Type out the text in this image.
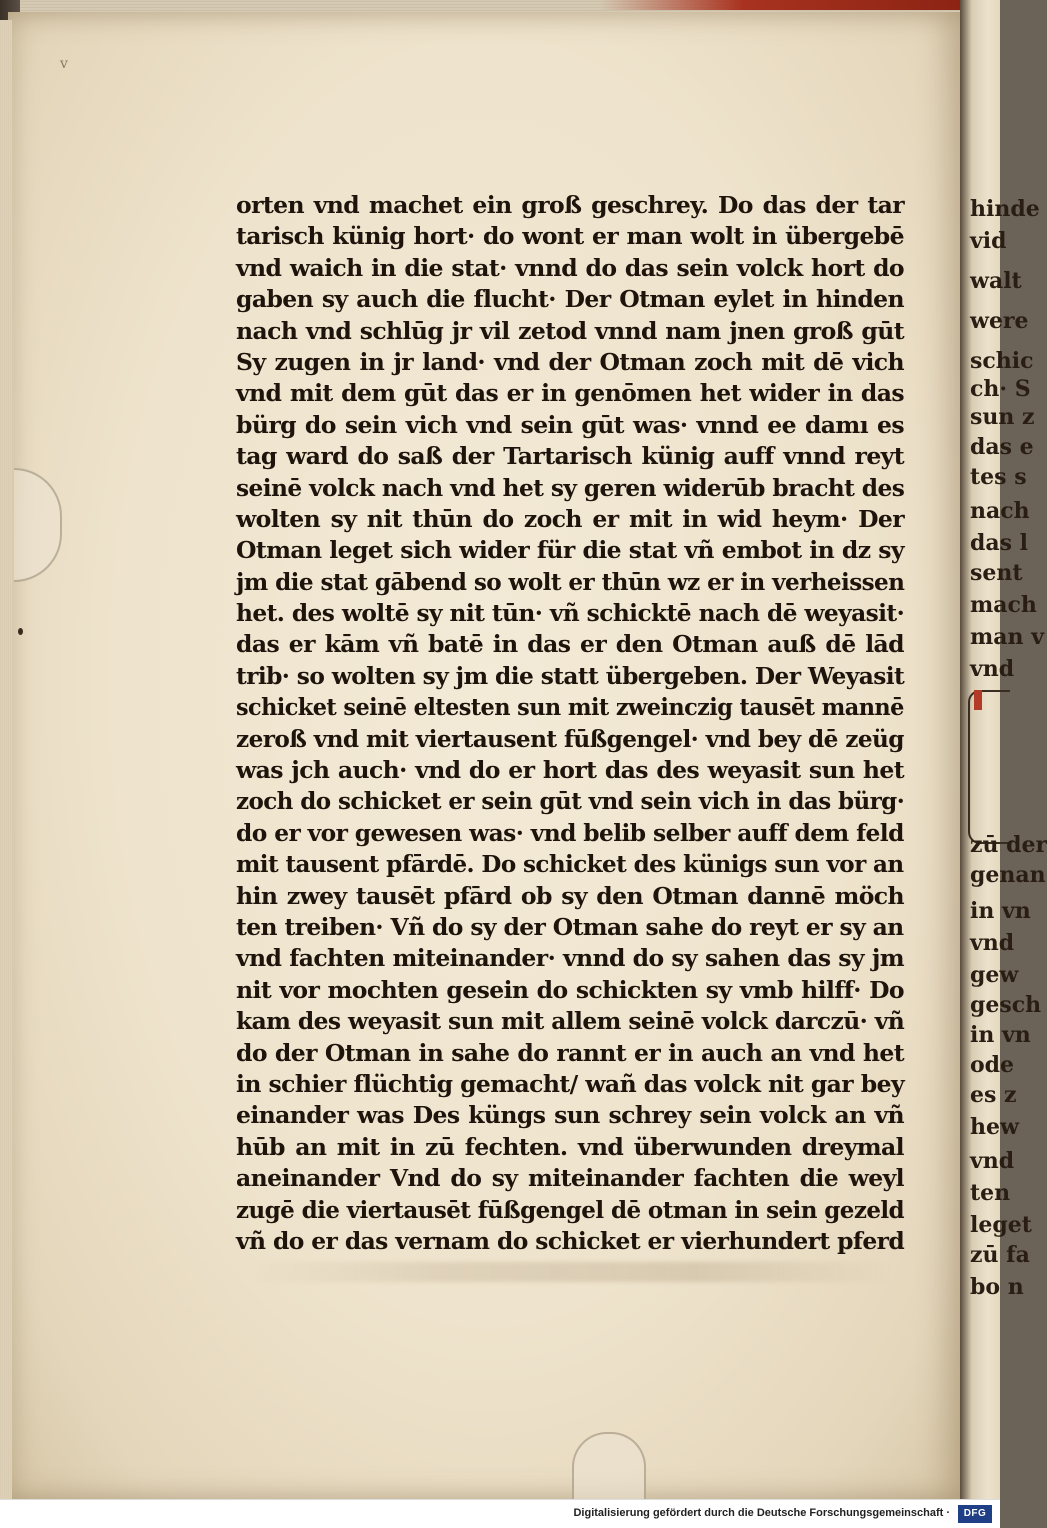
hinde
vid
walt
were
schic
ch· S
sun z
das e
tes s
nach
das l
sent
mach
man v
vnd
zū der
genan
in vn
vnd
gew
gesch
in vn
ode
es z
hew
vnd
ten
leget
zū fa
bo n
v
orten vnd machet ein groß geschrey. Do das der tar
tarisch künig hort· do wont er man wolt in übergebē
vnd waich in die stat· vnnd do das sein volck hort do
gaben sy auch die flucht· Der Otman eylet in hinden
nach vnd schlūg jr vil zetod vnnd nam jnen groß gūt
Sy zugen in jr land· vnd der Otman zoch mit dē vich
vnd mit dem gūt das er in genōmen het wider in das
bürg do sein vich vnd sein gūt was· vnnd ee damı es
tag ward do saß der Tartarisch künig auff vnnd reyt
seinē volck nach vnd het sy geren widerūb bracht des
wolten sy nit thūn do zoch er mit in wid heym· Der
Otman leget sich wider für die stat vñ embot in dz sy
jm die stat gābend so wolt er thūn wz er in verheissen
het. des woltē sy nit tūn· vñ schicktē nach dē weyasit·
das er kām vñ batē in das er den Otman auß dē lād
trib· so wolten sy jm die statt übergeben. Der Weyasit
schicket seinē eltesten sun mit zweinczig tausēt mannē
zeroß vnd mit viertausent fūßgengel· vnd bey dē zeüg
was jch auch· vnd do er hort das des weyasit sun het
zoch do schicket er sein gūt vnd sein vich in das bürg·
do er vor gewesen was· vnd belib selber auff dem feld
mit tausent pfārdē. Do schicket des künigs sun vor an
hin zwey tausēt pfārd ob sy den Otman dannē möch
ten treiben· Vñ do sy der Otman sahe do reyt er sy an
vnd fachten miteinander· vnnd do sy sahen das sy jm
nit vor mochten gesein do schickten sy vmb hilff· Do
kam des weyasit sun mit allem seinē volck darczū· vñ
do der Otman in sahe do rannt er in auch an vnd het
in schier flüchtig gemacht/ wañ das volck nit gar bey
einander was Des küngs sun schrey sein volck an vñ
hūb an mit in zū fechten. vnd überwunden dreymal
aneinander Vnd do sy miteinander fachten die weyl
zugē die viertausēt fūßgengel dē otman in sein gezeld
vñ do er das vernam do schicket er vierhundert pferd
Digitalisierung gefördert durch die Deutsche Forschungsgemeinschaft ·	DFG
